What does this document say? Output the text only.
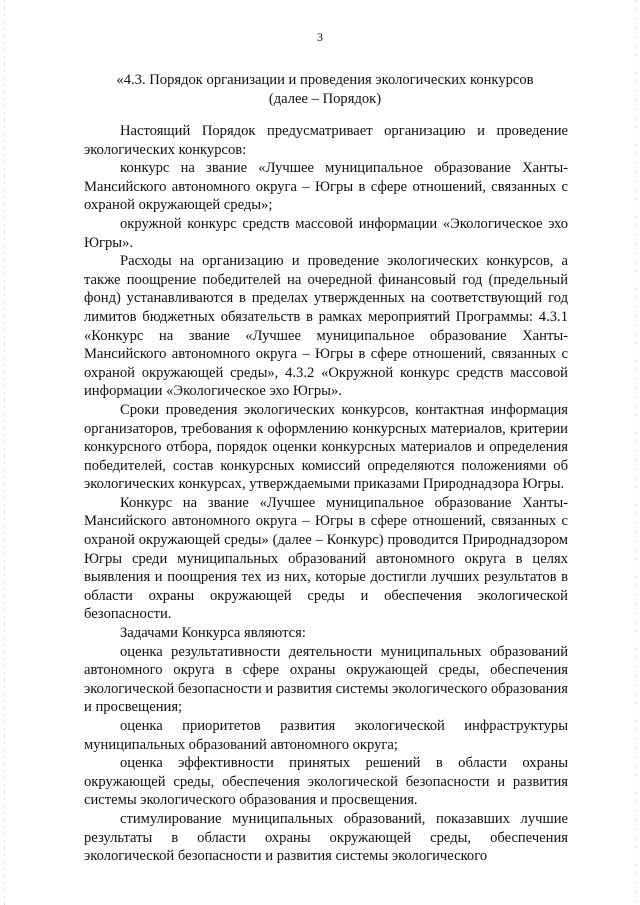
3
«4.3. Порядок организации и проведения экологических конкурсов
(далее – Порядок)

Настоящий Порядок предусматривает организацию и проведение экологических конкурсов:

конкурс на звание «Лучшее муниципальное образование Ханты-Мансийского автономного округа – Югры в сфере отношений, связанных с охраной окружающей среды»;

окружной конкурс средств массовой информации «Экологическое эхо Югры».

Расходы на организацию и проведение экологических конкурсов, а также поощрение победителей на очередной финансовый год (предельный фонд) устанавливаются в пределах утвержденных на соответствующий год лимитов бюджетных обязательств в рамках мероприятий Программы: 4.3.1 «Конкурс на звание «Лучшее муниципальное образование Ханты-Мансийского автономного округа – Югры в сфере отношений, связанных с охраной окружающей среды», 4.3.2 «Окружной конкурс средств массовой информации «Экологическое эхо Югры».

Сроки проведения экологических конкурсов, контактная информация организаторов, требования к оформлению конкурсных материалов, критерии конкурсного отбора, порядок оценки конкурсных материалов и определения победителей, состав конкурсных комиссий определяются положениями об экологических конкурсах, утверждаемыми приказами Природнадзора Югры.

Конкурс на звание «Лучшее муниципальное образование Ханты-Мансийского автономного округа – Югры в сфере отношений, связанных с охраной окружающей среды» (далее – Конкурс) проводится Природнадзором Югры среди муниципальных образований автономного округа в целях выявления и поощрения тех из них, которые достигли лучших результатов в области охраны окружающей среды и обеспечения экологической безопасности.

Задачами Конкурса являются:

оценка результативности деятельности муниципальных образований автономного округа в сфере охраны окружающей среды, обеспечения экологической безопасности и развития системы экологического образования и просвещения;

оценка приоритетов развития экологической инфраструктуры муниципальных образований автономного округа;

оценка эффективности принятых решений в области охраны окружающей среды, обеспечения экологической безопасности и развития системы экологического образования и просвещения.

стимулирование муниципальных образований, показавших лучшие результаты в области охраны окружающей среды, обеспечения экологической безопасности и развития системы экологического
